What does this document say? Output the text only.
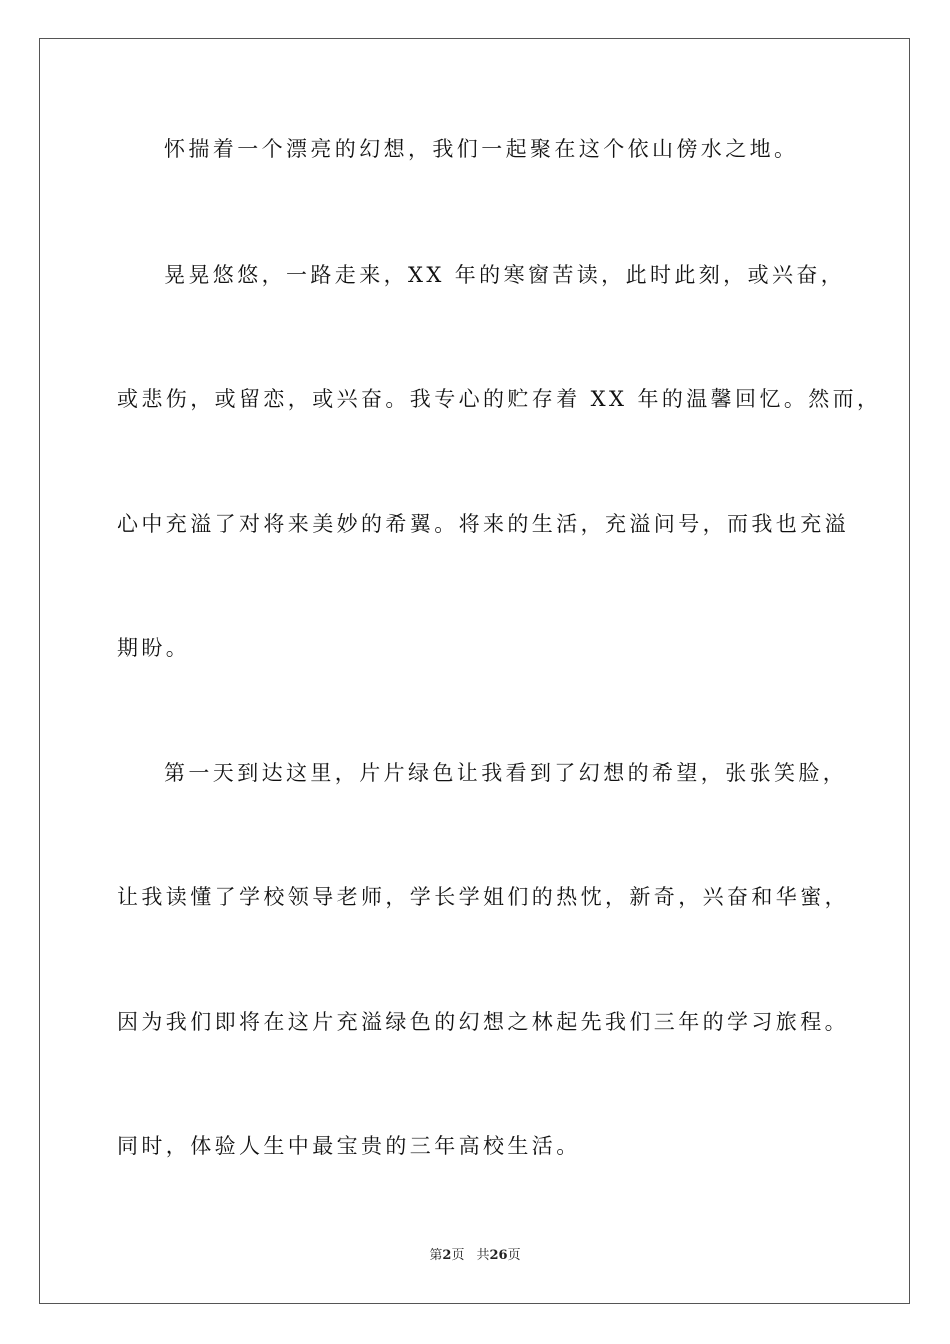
怀揣着一个漂亮的幻想，我们一起聚在这个依山傍水之地。
晃晃悠悠，一路走来，XX 年的寒窗苦读，此时此刻，或兴奋，
或悲伤，或留恋，或兴奋。我专心的贮存着 XX 年的温馨回忆。然而，
心中充溢了对将来美妙的希翼。将来的生活，充溢问号，而我也充溢
期盼。
第一天到达这里，片片绿色让我看到了幻想的希望，张张笑脸，
让我读懂了学校领导老师，学长学姐们的热忱，新奇，兴奋和华蜜，
因为我们即将在这片充溢绿色的幻想之林起先我们三年的学习旅程。
同时，体验人生中最宝贵的三年高校生活。
第2页 共26页
